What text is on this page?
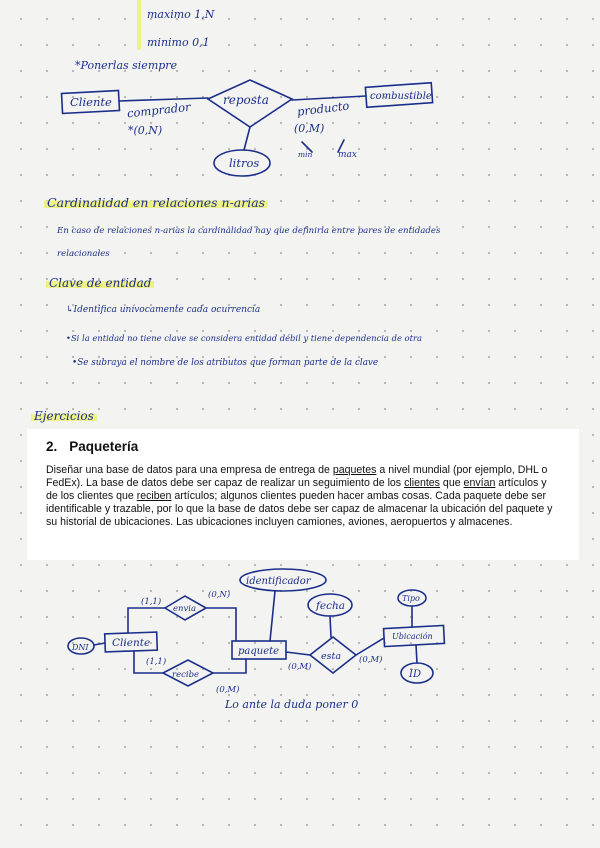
maximo 1,N
minimo 0,1
*Ponerlas siempre
Cliente	reposta	combustible
litros
comprador	producto
*(0,N)	(0,M)
min	max
Cardinalidad en relaciones n-arias
En caso de relaciones n-arias la cardinalidad hay que definirla entre pares de entidades
relacionales
Clave de entidad
↳Identifica unívocamente cada ocurrencia
•Si la entidad no tiene clave se considera entidad débil y tiene dependencia de otra
•Se subraya el nombre de los atributos que forman parte de la clave
Ejercicios
2. Paquetería

Diseñar una base de datos para una empresa de entrega de paquetes a nivel mundial (por ejemplo, DHL o FedEx). La base de datos debe ser capaz de realizar un seguimiento de los clientes que envían artículos y de los clientes que reciben artículos; algunos clientes pueden hacer ambas cosas. Cada paquete debe ser identificable y trazable, por lo que la base de datos debe ser capaz de almacenar la ubicación del paquete y su historial de ubicaciones. Las ubicaciones incluyen camiones, aviones, aeropuertos y almacenes.

DNI Cliente
envia
recibe
paquete
identificador
esta
fecha
Ubicación
Tipo
ID
(1,1)
(0,N)
(1,1)
(0,M)
(0,M)
(0,M)
Lo ante la duda poner 0
